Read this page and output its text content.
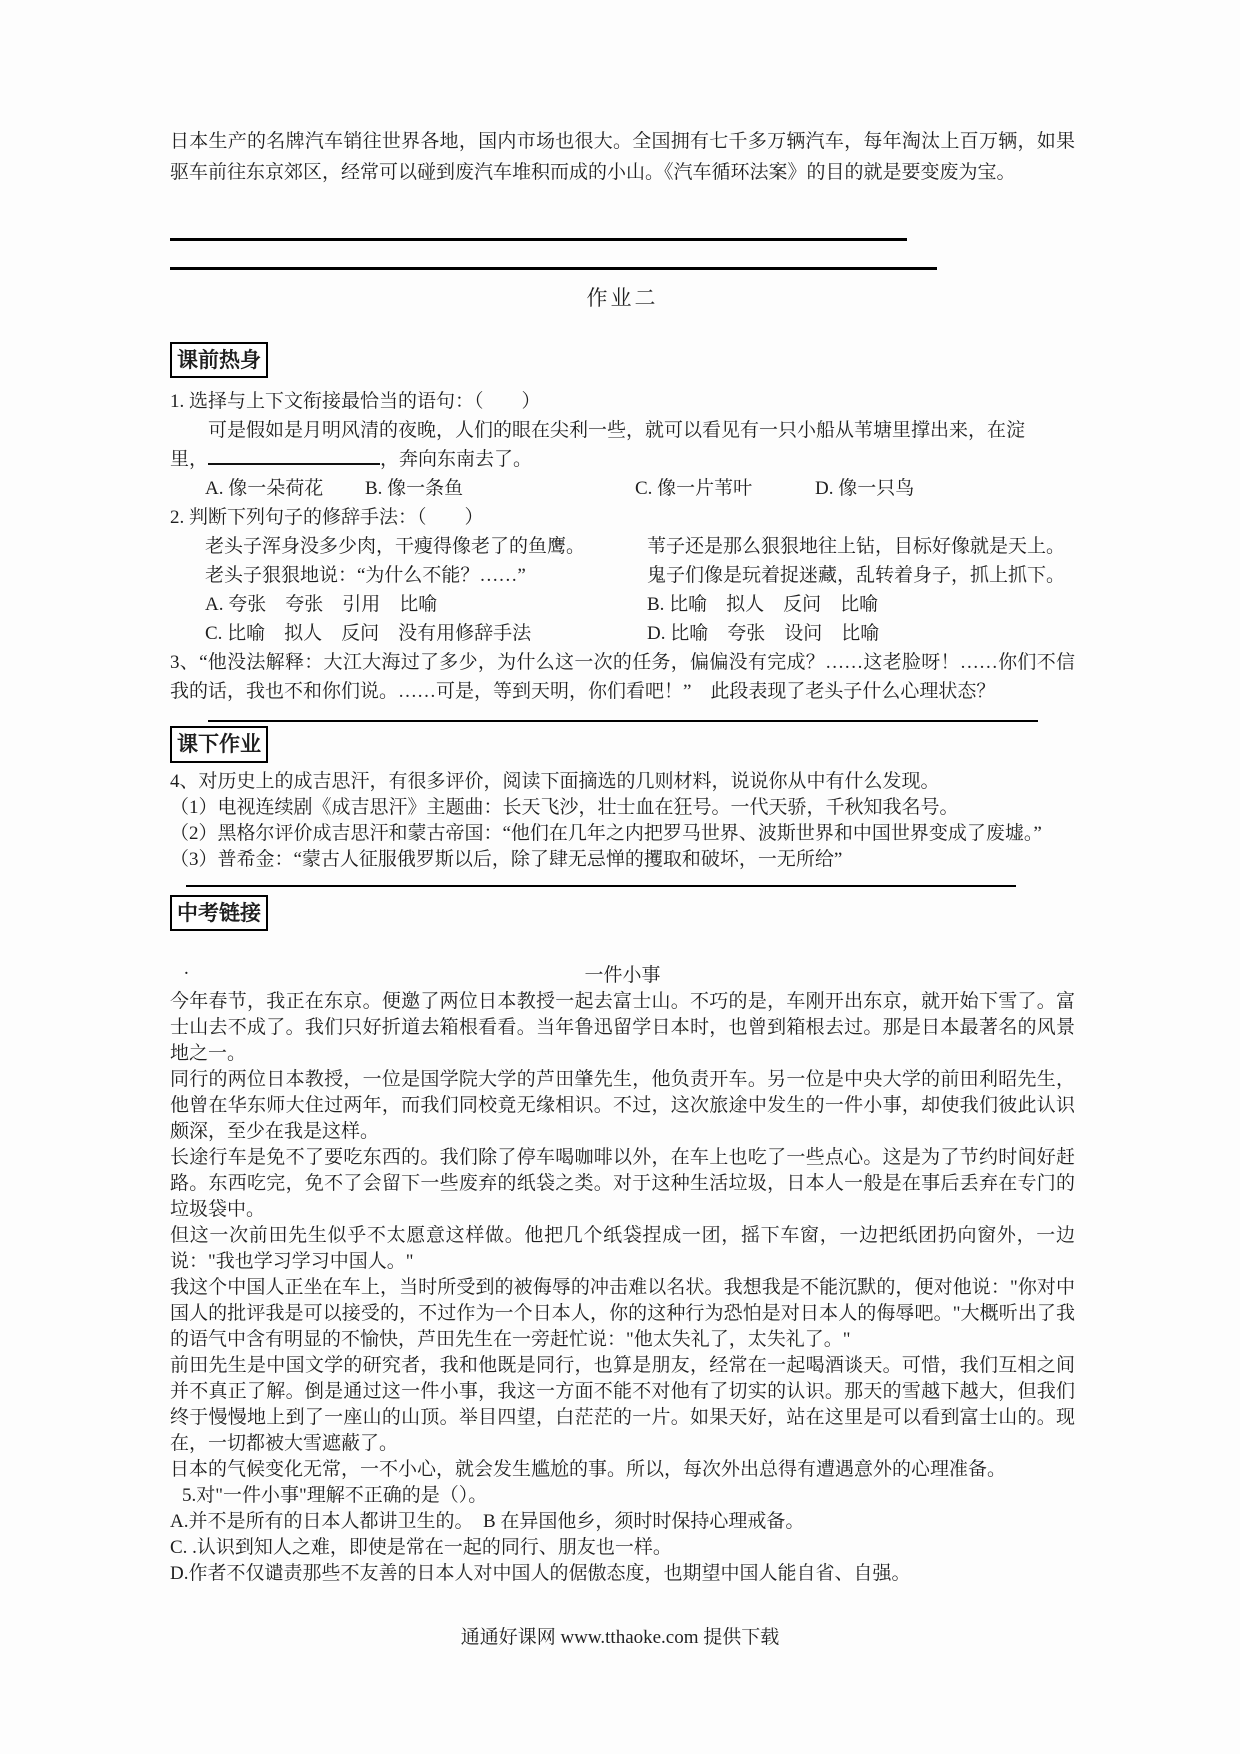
日本生产的名牌汽车销往世界各地，国内市场也很大。全国拥有七千多万辆汽车，每年淘汰上百万辆，如果驱车前往东京郊区，经常可以碰到废汽车堆积而成的小山。《汽车循环法案》的目的就是要变废为宝。

作业二
课前热身

1. 选择与上下文衔接最恰当的语句：（　　）

可是假如是月明风清的夜晚，人们的眼在尖利一些，就可以看见有一只小船从苇塘里撑出来，在淀

里，	，奔向东南去了。

A. 像一朵荷花	B. 像一条鱼	C. 像一片苇叶	D. 像一只鸟

2. 判断下列句子的修辞手法：（　　）

老头子浑身没多少肉，干瘦得像老了的鱼鹰。	苇子还是那么狠狠地往上钻，目标好像就是天上。
老头子狠狠地说：“为什么不能？……”	鬼子们像是玩着捉迷藏，乱转着身子，抓上抓下。
A. 夸张　夸张　引用　比喻	B. 比喻　拟人　反问　比喻
C. 比喻　拟人　反问　没有用修辞手法	D. 比喻　夸张　设问　比喻

3、“他没法解释：大江大海过了多少，为什么这一次的任务，偏偏没有完成？……这老脸呀！……你们不信我的话，我也不和你们说。……可是，等到天明，你们看吧！”　此段表现了老头子什么心理状态？

课下作业

4、对历史上的成吉思汗，有很多评价，阅读下面摘选的几则材料，说说你从中有什么发现。

（1）电视连续剧《成吉思汗》主题曲：长天飞沙，壮士血在狂号。一代天骄，千秋知我名号。

（2）黑格尔评价成吉思汗和蒙古帝国：“他们在几年之内把罗马世界、波斯世界和中国世界变成了废墟。”

（3）普希金：“蒙古人征服俄罗斯以后，除了肆无忌惮的攫取和破坏，一无所给”

中考链接
.	一件小事

今年春节，我正在东京。便邀了两位日本教授一起去富士山。不巧的是，车刚开出东京，就开始下雪了。富士山去不成了。我们只好折道去箱根看看。当年鲁迅留学日本时，也曾到箱根去过。那是日本最著名的风景地之一。

同行的两位日本教授，一位是国学院大学的芦田肇先生，他负责开车。另一位是中央大学的前田利昭先生，他曾在华东师大住过两年，而我们同校竟无缘相识。不过，这次旅途中发生的一件小事，却使我们彼此认识颇深，至少在我是这样。

长途行车是免不了要吃东西的。我们除了停车喝咖啡以外，在车上也吃了一些点心。这是为了节约时间好赶路。东西吃完，免不了会留下一些废弃的纸袋之类。对于这种生活垃圾，日本人一般是在事后丢弃在专门的垃圾袋中。

但这一次前田先生似乎不太愿意这样做。他把几个纸袋捏成一团，摇下车窗，一边把纸团扔向窗外，一边说："我也学习学习中国人。"

我这个中国人正坐在车上，当时所受到的被侮辱的冲击难以名状。我想我是不能沉默的，便对他说："你对中国人的批评我是可以接受的，不过作为一个日本人，你的这种行为恐怕是对日本人的侮辱吧。"大概听出了我的语气中含有明显的不愉快，芦田先生在一旁赶忙说："他太失礼了，太失礼了。"

前田先生是中国文学的研究者，我和他既是同行，也算是朋友，经常在一起喝酒谈天。可惜，我们互相之间并不真正了解。倒是通过这一件小事，我这一方面不能不对他有了切实的认识。那天的雪越下越大，但我们终于慢慢地上到了一座山的山顶。举目四望，白茫茫的一片。如果天好，站在这里是可以看到富士山的。现在，一切都被大雪遮蔽了。

日本的气候变化无常，一不小心，就会发生尴尬的事。所以，每次外出总得有遭遇意外的心理准备。

5.对"一件小事"理解不正确的是（）。

A.并不是所有的日本人都讲卫生的。　B 在异国他乡，须时时保持心理戒备。

C. .认识到知人之难，即使是常在一起的同行、朋友也一样。

D.作者不仅谴责那些不友善的日本人对中国人的倨傲态度，也期望中国人能自省、自强。

通通好课网 www.tthaoke.com 提供下载
